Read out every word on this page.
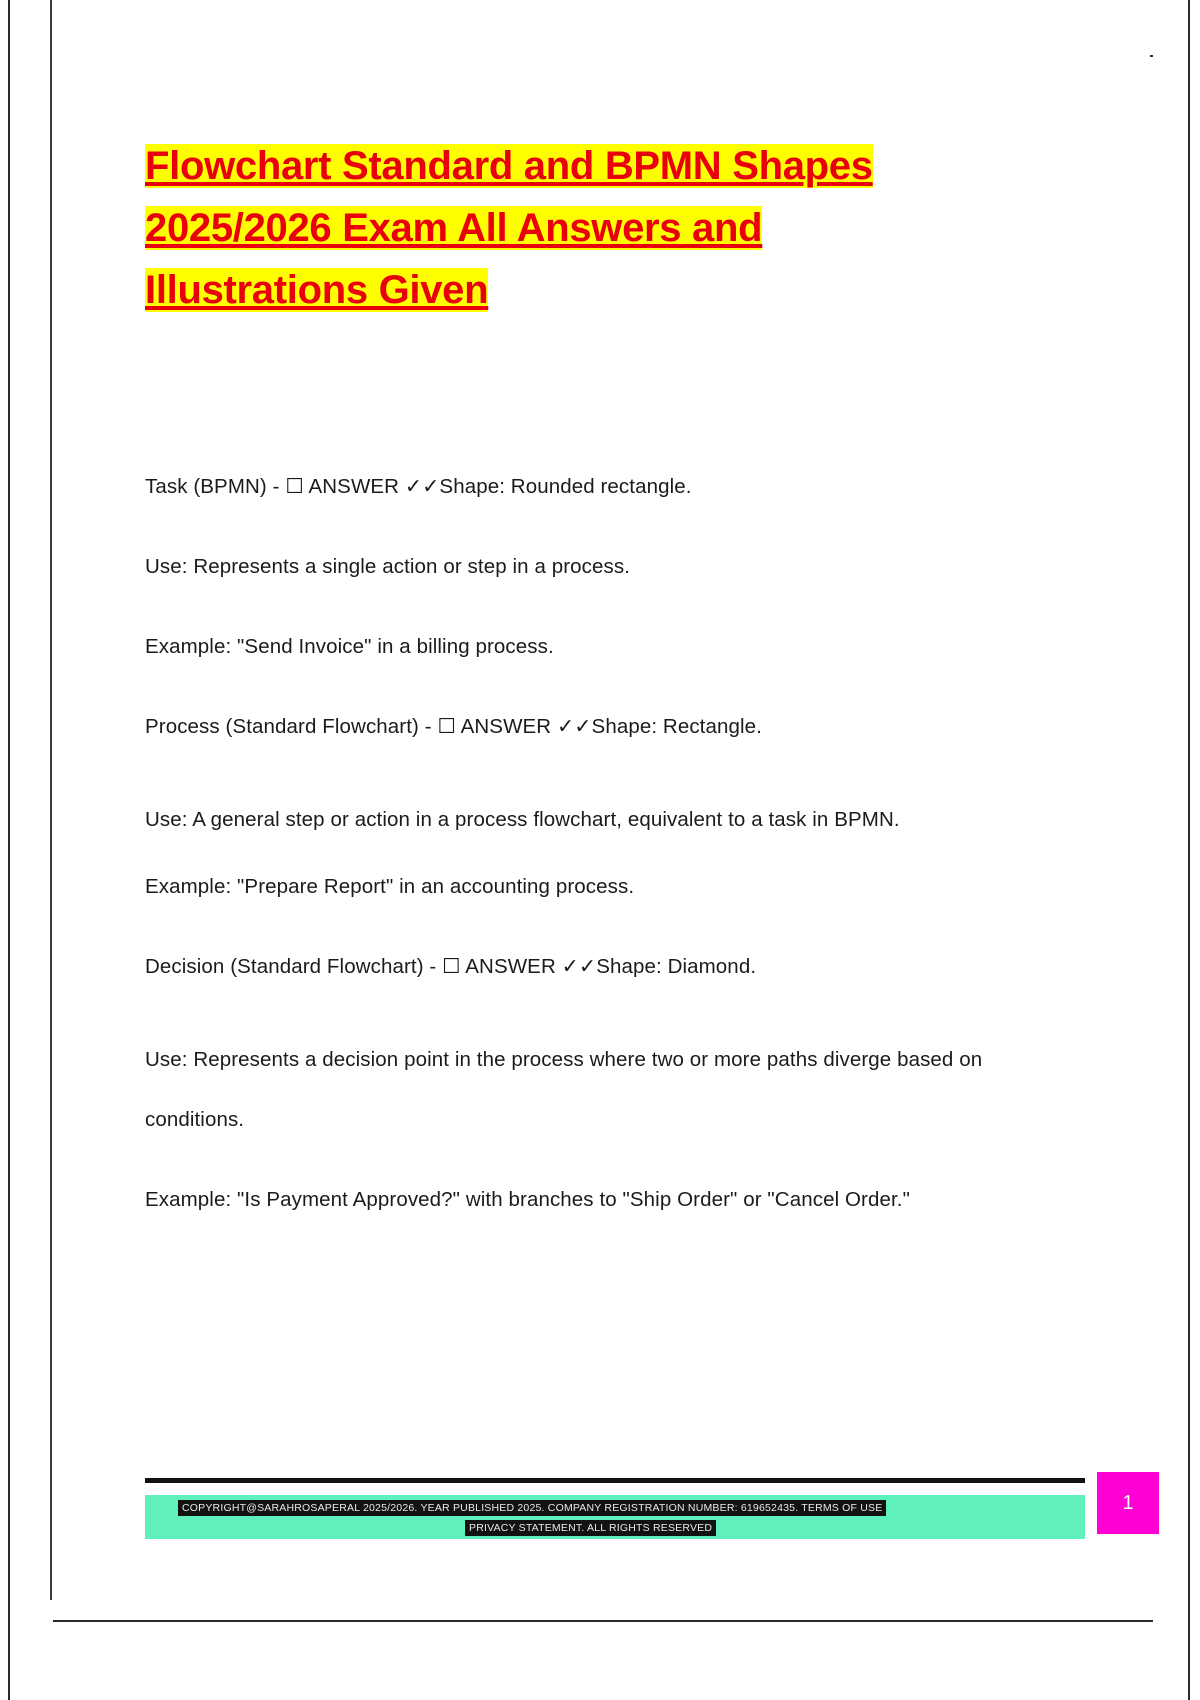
Flowchart Standard and BPMN Shapes
2025/2026 Exam All Answers and
Illustrations Given

Task (BPMN) - ☐ ANSWER ✓✓Shape: Rounded rectangle.

Use: Represents a single action or step in a process.

Example: "Send Invoice" in a billing process.

Process (Standard Flowchart) - ☐ ANSWER ✓✓Shape: Rectangle.

Use: A general step or action in a process flowchart, equivalent to a task in BPMN.

Example: "Prepare Report" in an accounting process.

Decision (Standard Flowchart) - ☐ ANSWER ✓✓Shape: Diamond.

Use: Represents a decision point in the process where two or more paths diverge based on conditions.

Example: "Is Payment Approved?" with branches to "Ship Order" or "Cancel Order."

COPYRIGHT@SARAHROSAPERAL 2025/2026. YEAR PUBLISHED 2025. COMPANY REGISTRATION NUMBER: 619652435. TERMS OF USE
PRIVACY STATEMENT. ALL RIGHTS RESERVED
1
